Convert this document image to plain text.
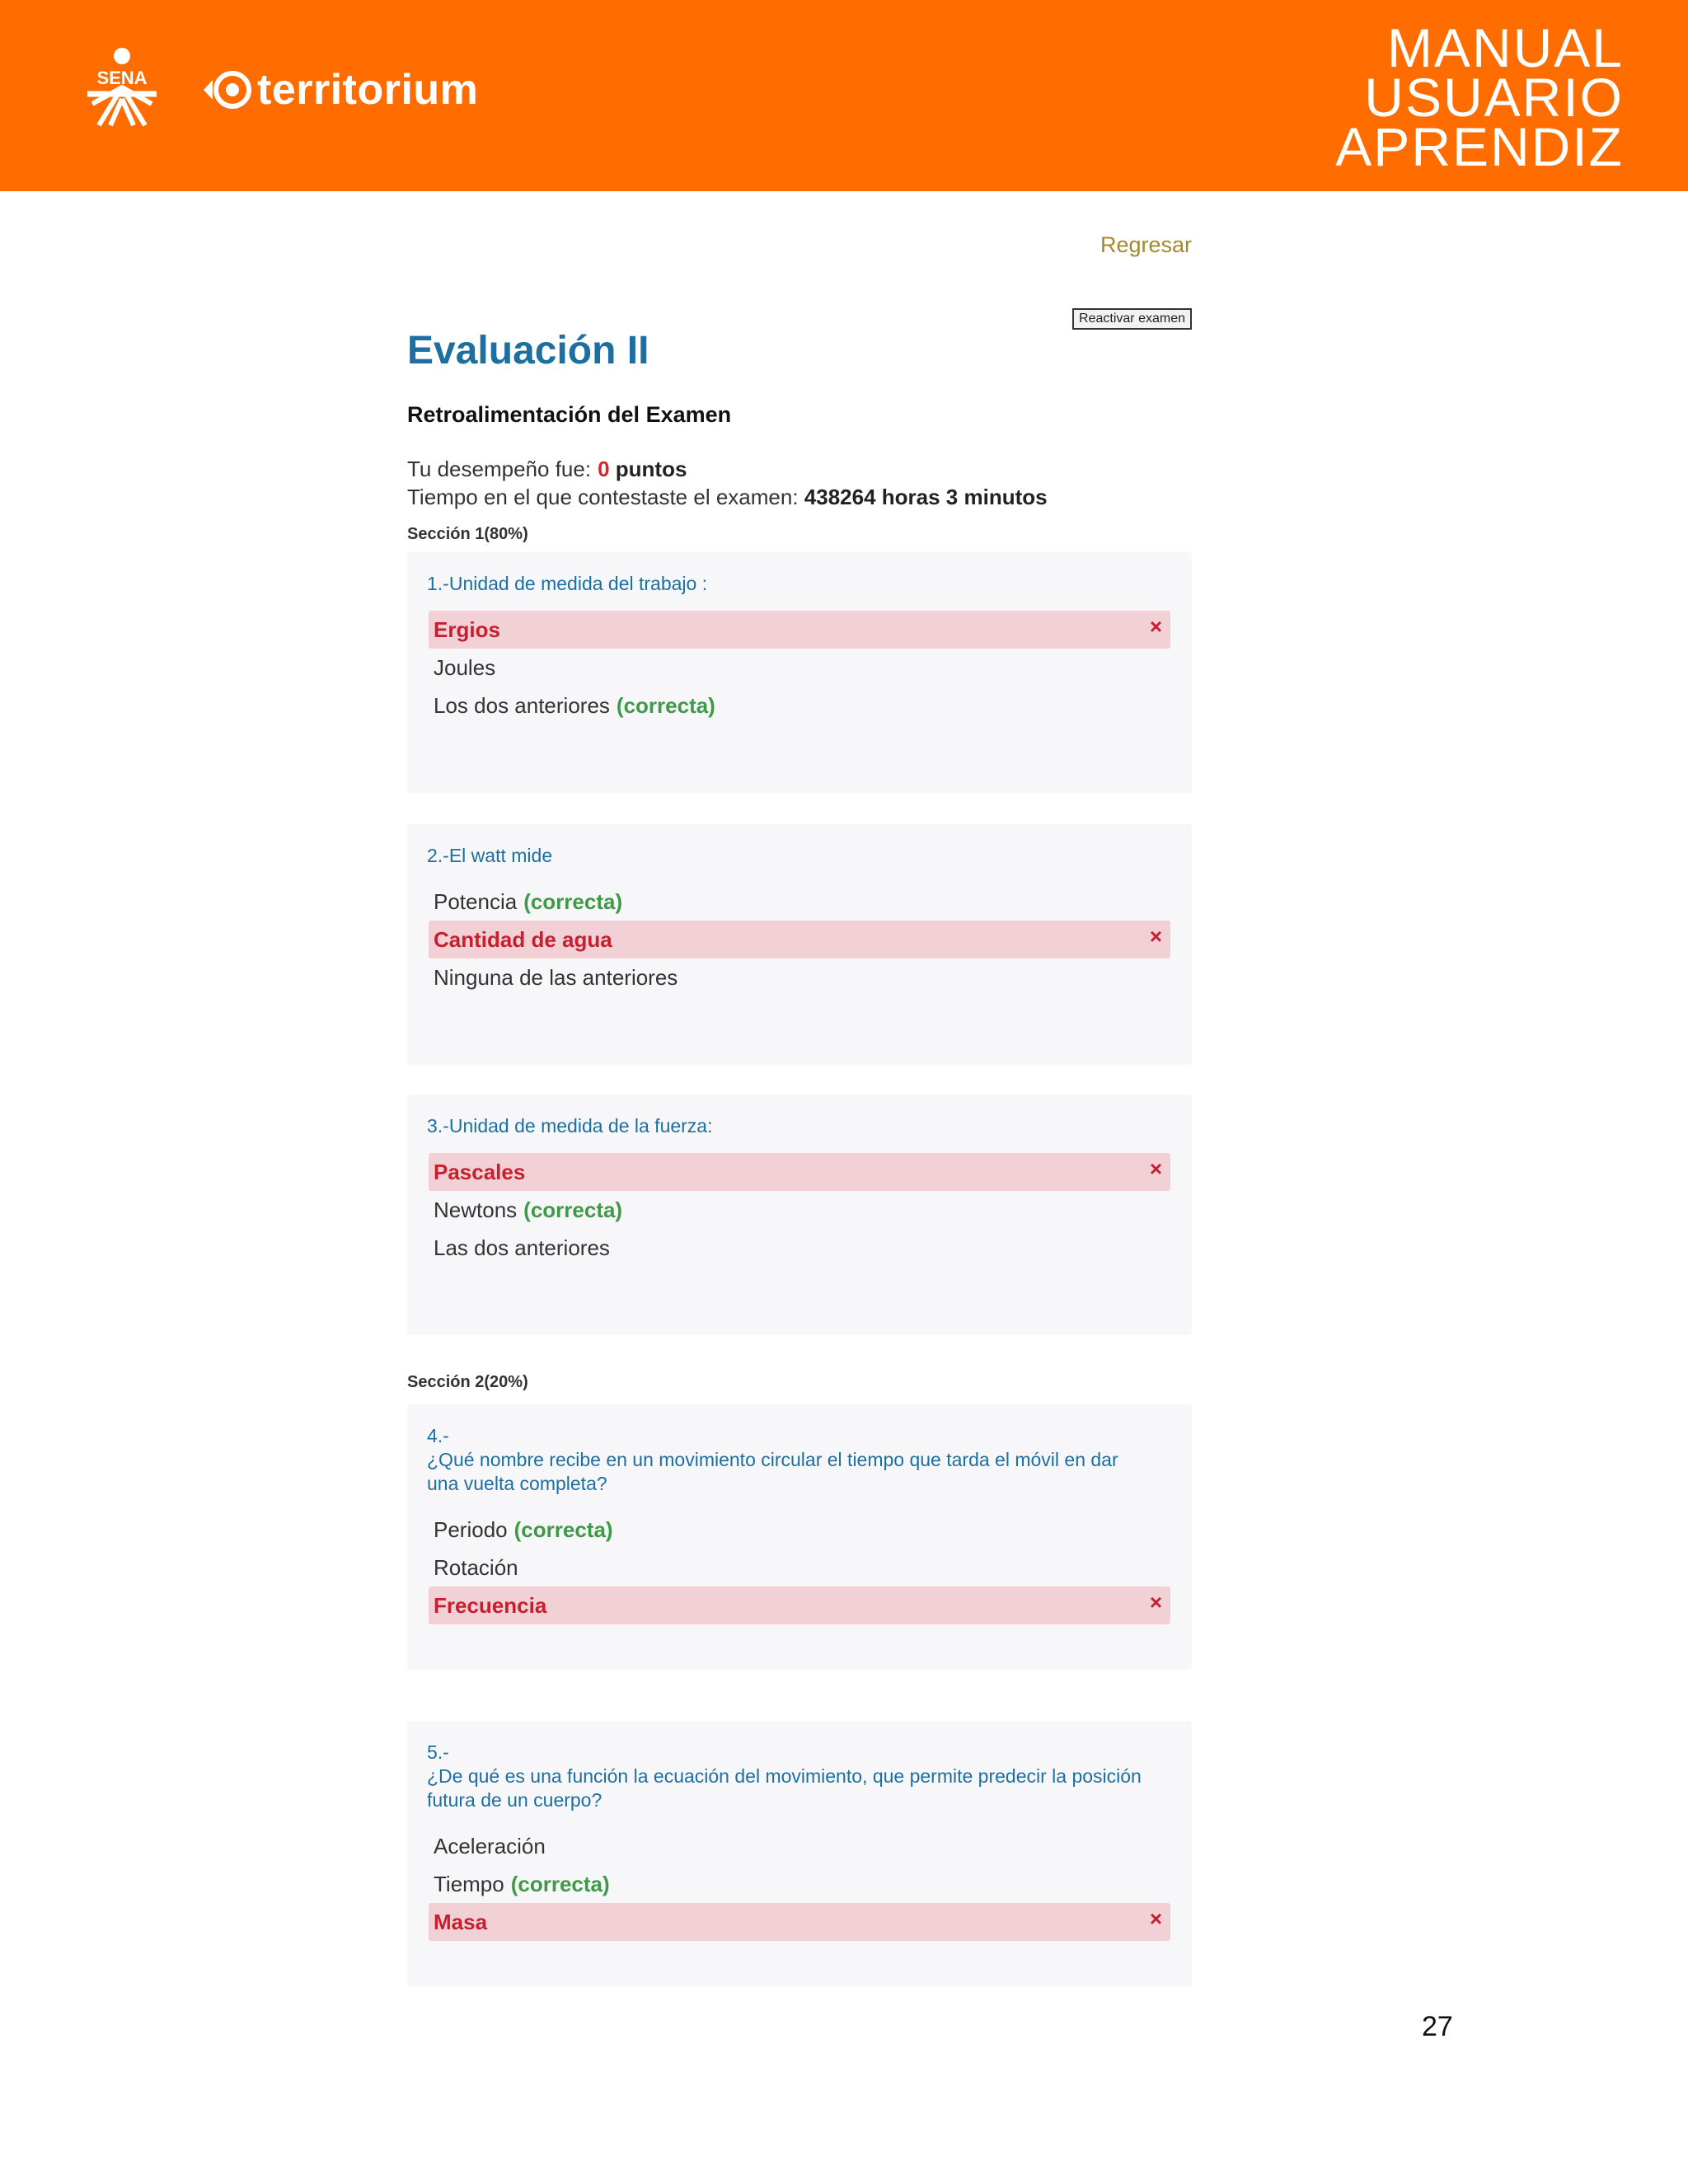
SENA	territorium
MANUAL
USUARIO
APRENDIZ
Regresar
Reactivar examen
Evaluación II
Retroalimentación del Examen
Tu desempeño fue: 0 puntos
Tiempo en el que contestaste el examen: 438264 horas 3 minutos
Sección 1(80%)
1.-Unidad de medida del trabajo :
Ergios	×
Joules
Los dos anteriores (correcta)
2.-El watt mide
Potencia (correcta)
Cantidad de agua	×
Ninguna de las anteriores
3.-Unidad de medida de la fuerza:
Pascales	×
Newtons (correcta)
Las dos anteriores
Sección 2(20%)
4.-
¿Qué nombre recibe en un movimiento circular el tiempo que tarda el móvil en dar una vuelta completa?
Periodo (correcta)
Rotación
Frecuencia	×
5.-
¿De qué es una función la ecuación del movimiento, que permite predecir la posición futura de un cuerpo?
Aceleración
Tiempo (correcta)
Masa	×
27
